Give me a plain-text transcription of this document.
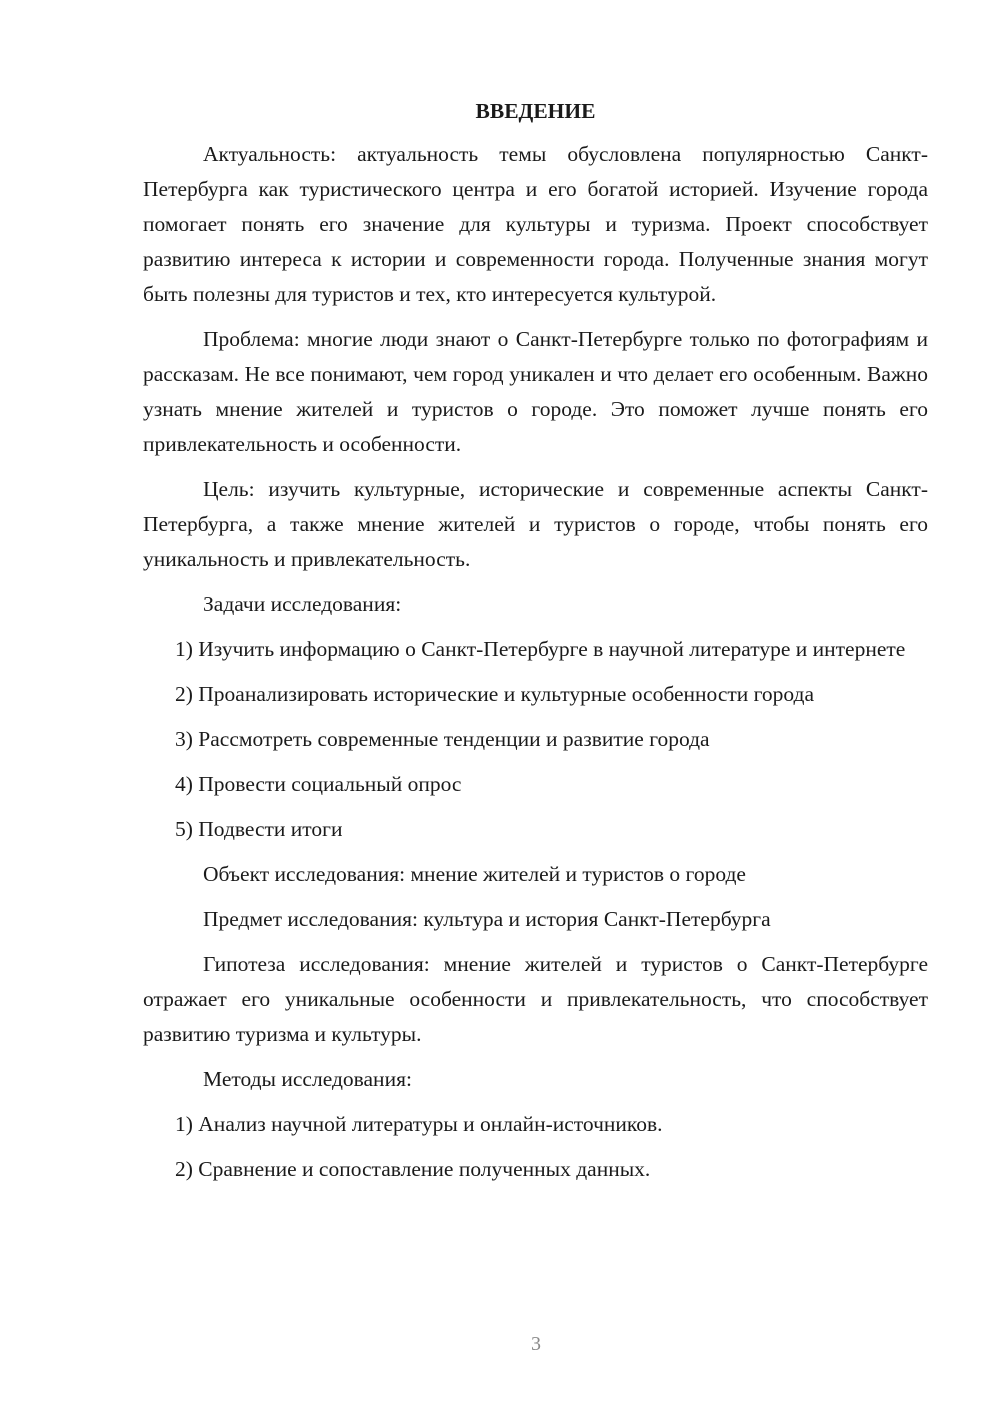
ВВЕДЕНИЕ

Актуальность: актуальность темы обусловлена популярностью Санкт-Петербурга как туристического центра и его богатой историей. Изучение города помогает понять его значение для культуры и туризма. Проект способствует развитию интереса к истории и современности города. Полученные знания могут быть полезны для туристов и тех, кто интересуется культурой.

Проблема: многие люди знают о Санкт-Петербурге только по фотографиям и рассказам. Не все понимают, чем город уникален и что делает его особенным. Важно узнать мнение жителей и туристов о городе. Это поможет лучше понять его привлекательность и особенности.

Цель: изучить культурные, исторические и современные аспекты Санкт-Петербурга, а также мнение жителей и туристов о городе, чтобы понять его уникальность и привлекательность.

Задачи исследования:

1) Изучить информацию о Санкт-Петербурге в научной литературе и интернете

2) Проанализировать исторические и культурные особенности города

3) Рассмотреть современные тенденции и развитие города

4) Провести социальный опрос

5) Подвести итоги

Объект исследования: мнение жителей и туристов о городе

Предмет исследования: культура и история Санкт-Петербурга

Гипотеза исследования: мнение жителей и туристов о Санкт-Петербурге отражает его уникальные особенности и привлекательность, что способствует развитию туризма и культуры.

Методы исследования:

1) Анализ научной литературы и онлайн-источников.

2) Сравнение и сопоставление полученных данных.

3
